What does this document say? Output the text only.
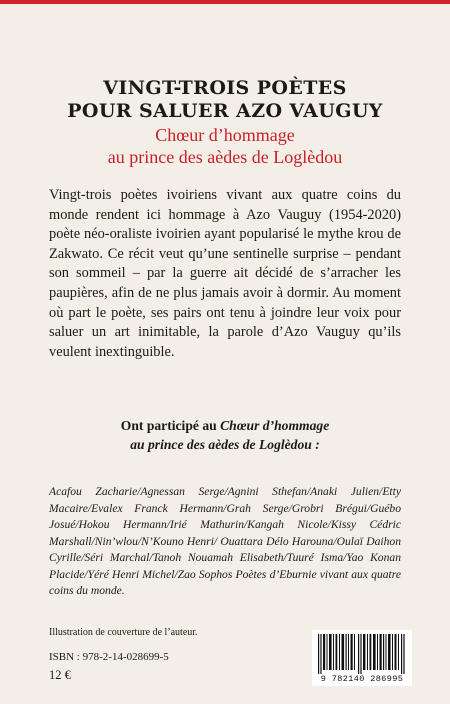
VINGT-TROIS POÈTES
POUR SALUER AZO VAUGUY
Chœur d’hommage
au prince des aèdes de Loglèdou
Vingt-trois poètes ivoiriens vivant aux quatre coins du monde rendent ici hommage à Azo Vauguy (1954-2020) poète néo-oraliste ivoirien ayant popularisé le mythe krou de Zakwato. Ce récit veut qu’une sentinelle surprise – pendant son sommeil – par la guerre ait décidé de s’arracher les paupières, afin de ne plus jamais avoir à dormir. Au moment où part le poète, ses pairs ont tenu à joindre leur voix pour saluer un art inimitable, la parole d’Azo Vauguy qu’ils veulent inextinguible.
Ont participé au Chœur d’hommage
au prince des aèdes de Loglèdou :
Acafou Zacharie/Agnessan Serge/Agnini Sthefan/Anaki Julien/Etty Macaire/Evalex Franck Hermann/Grah Serge/Grobri Brégui/Guébo Josué/Hokou Hermann/Irié Mathurin/Kangah Nicole/Kissy Cédric Marshall/Nin’wlou/N’Kouno Henri/ Ouattara Délo Harouna/Oulaï Daihon Cyrille/Séri Marchal/Tanoh Nouamah Elisabeth/Tuuré Isma/Yao Konan Placide/Yéré Henri Michel/Zao Sophos Poètes d’Eburnie vivant aux quatre coins du monde.
Illustration de couverture de l’auteur.
ISBN : 978-2-14-028699-5
12 €	9 782140 286995
